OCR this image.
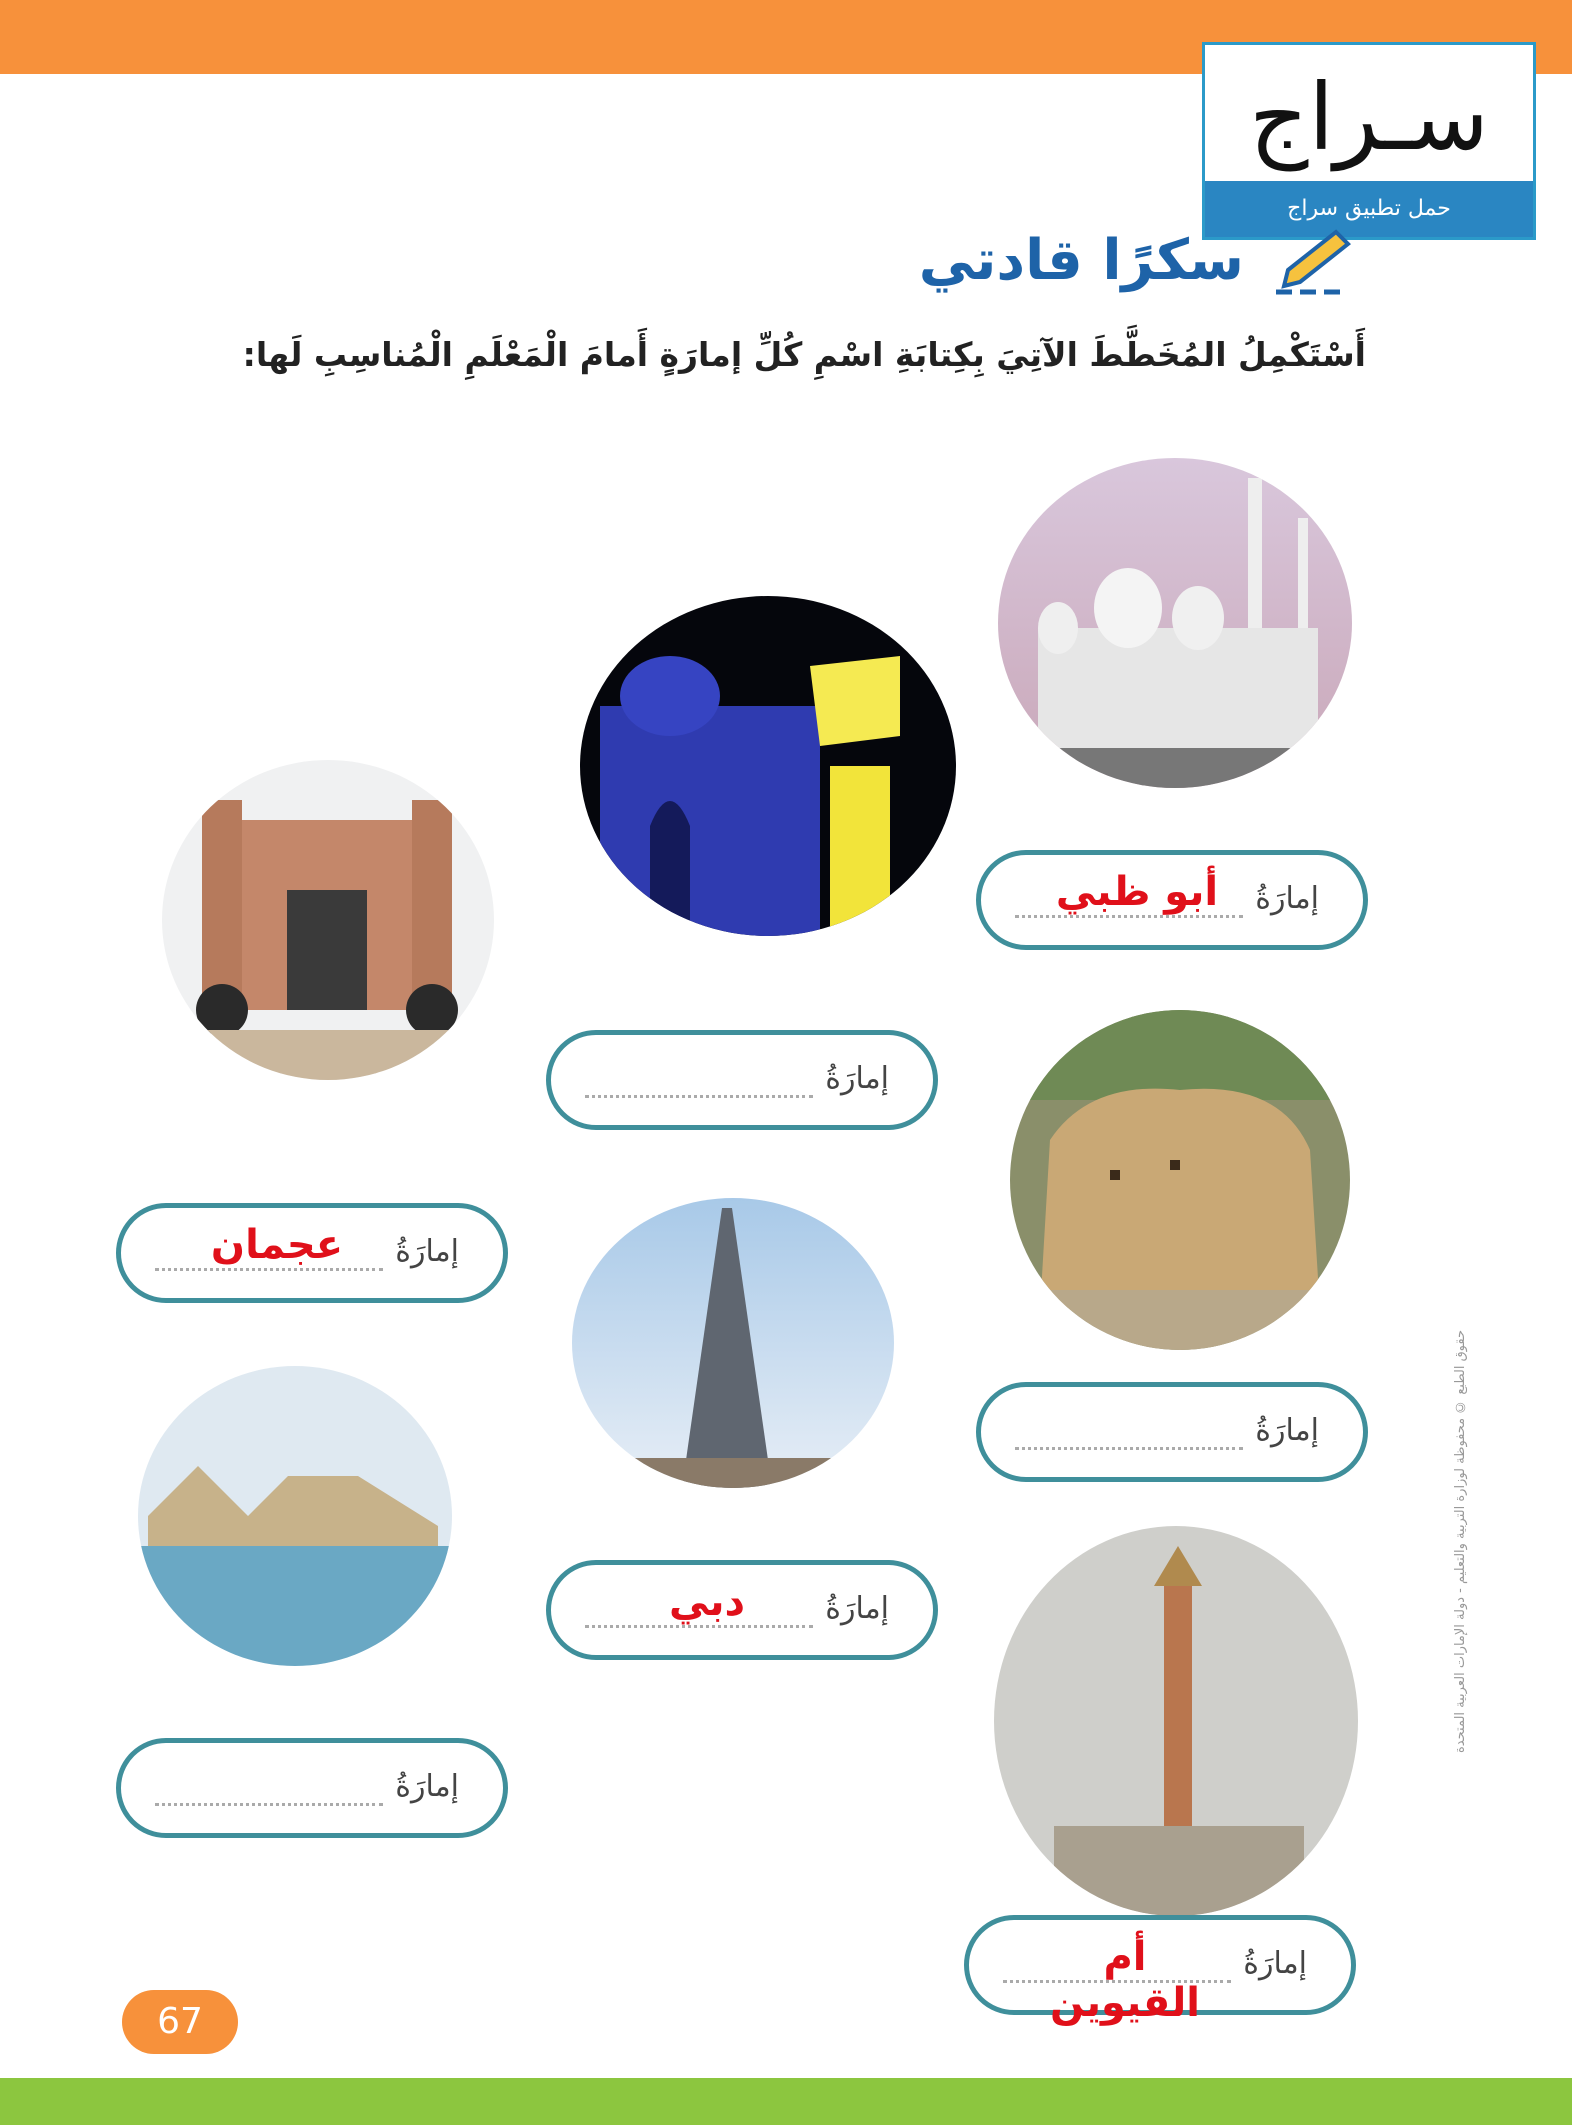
سـراج
حمل تطبيق سراج
سكرًا قادتي
أَسْتَكْمِلُ المُخَطَّطَ الآتِيَ بِكِتابَةِ اسْمِ كُلِّ إمارَةٍ أَمامَ الْمَعْلَمِ الْمُناسِبِ لَها:
إمارَةُ
أبو ظبي
إمارَةُ
إمارَةُ
أم القيوين
إمارَةُ
إمارَةُ
دبي
إمارَةُ
عجمان
إمارَةُ
حقوق الطبع © محفوظة لوزارة التربية والتعليم - دولة الإمارات العربية المتحدة
67
